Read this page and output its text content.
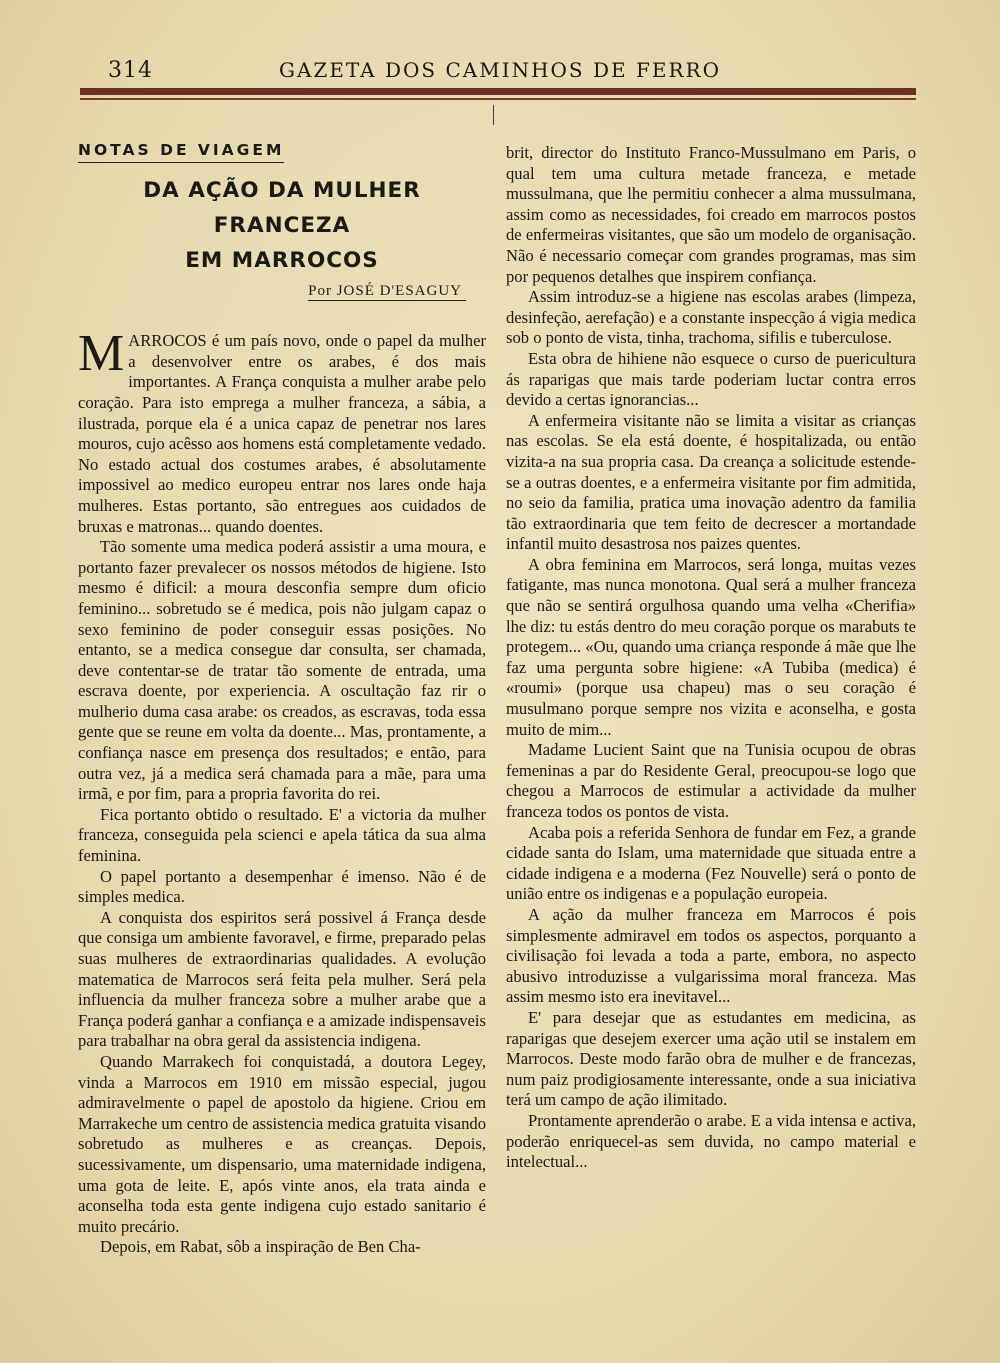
314	GAZETA DOS CAMINHOS DE FERRO
NOTAS DE VIAGEM
DA AÇÃO DA MULHER FRANCEZA
EM MARROCOS
Por JOSÉ D'ESAGUY

MARROCOS é um país novo, onde o papel da mulher a desenvolver entre os arabes, é dos mais importantes. A França conquista a mulher arabe pelo coração. Para isto emprega a mulher franceza, a sábia, a ilustrada, porque ela é a unica capaz de penetrar nos lares mouros, cujo acêsso aos homens está completamente vedado. No estado actual dos costumes arabes, é absolutamente impossivel ao medico europeu entrar nos lares onde haja mulheres. Estas portanto, são entregues aos cuidados de bruxas e matronas... quando doentes.

Tão somente uma medica poderá assistir a uma moura, e portanto fazer prevalecer os nossos métodos de higiene. Isto mesmo é dificil: a moura desconfia sempre dum oficio feminino... sobretudo se é medica, pois não julgam capaz o sexo feminino de poder conseguir essas posições. No entanto, se a medica consegue dar consulta, ser chamada, deve contentar-se de tratar tão somente de entrada, uma escrava doente, por experiencia. A oscultação faz rir o mulherio duma casa arabe: os creados, as escravas, toda essa gente que se reune em volta da doente... Mas, prontamente, a confiança nasce em presença dos resultados; e então, para outra vez, já a medica será chamada para a mãe, para uma irmã, e por fim, para a propria favorita do rei.

Fica portanto obtido o resultado. E' a victoria da mulher franceza, conseguida pela scienci e apela tática da sua alma feminina.

O papel portanto a desempenhar é imenso. Não é de simples medica.

A conquista dos espiritos será possivel á França desde que consiga um ambiente favoravel, e firme, preparado pelas suas mulheres de extraordinarias qualidades. A evolução matematica de Marrocos será feita pela mulher. Será pela influencia da mulher franceza sobre a mulher arabe que a França poderá ganhar a confiança e a amizade indispensaveis para trabalhar na obra geral da assistencia indigena.

Quando Marrakech foi conquistadá, a doutora Legey, vinda a Marrocos em 1910 em missão especial, jugou admiravelmente o papel de apostolo da higiene. Criou em Marrakeche um centro de assistencia medica gratuita visando sobretudo as mulheres e as creanças. Depois, sucessivamente, um dispensario, uma maternidade indigena, uma gota de leite. E, após vinte anos, ela trata ainda e aconselha toda esta gente indigena cujo estado sanitario é muito precário.

Depois, em Rabat, sôb a inspiração de Ben Cha-

brit, director do Instituto Franco-Mussulmano em Paris, o qual tem uma cultura metade franceza, e metade mussulmana, que lhe permitiu conhecer a alma mussulmana, assim como as necessidades, foi creado em marrocos postos de enfermeiras visitantes, que são um modelo de organisação. Não é necessario começar com grandes programas, mas sim por pequenos detalhes que inspirem confiança.

Assim introduz-se a higiene nas escolas arabes (limpeza, desinfeção, aerefação) e a constante inspecção á vigia medica sob o ponto de vista, tinha, trachoma, sifilis e tuberculose.

Esta obra de hihiene não esquece o curso de puericultura ás raparigas que mais tarde poderiam luctar contra erros devido a certas ignorancias...

A enfermeira visitante não se limita a visitar as crianças nas escolas. Se ela está doente, é hospitalizada, ou então vizita-a na sua propria casa. Da creança a solicitude estende-se a outras doentes, e a enfermeira visitante por fim admitida, no seio da familia, pratica uma inovação adentro da familia tão extraordinaria que tem feito de decrescer a mortandade infantil muito desastrosa nos paizes quentes.

A obra feminina em Marrocos, será longa, muitas vezes fatigante, mas nunca monotona. Qual será a mulher franceza que não se sentirá orgulhosa quando uma velha «Cherifia» lhe diz: tu estás dentro do meu coração porque os marabuts te protegem... «Ou, quando uma criança responde á mãe que lhe faz uma pergunta sobre higiene: «A Tubiba (medica) é «roumi» (porque usa chapeu) mas o seu coração é musulmano porque sempre nos vizita e aconselha, e gosta muito de mim...

Madame Lucient Saint que na Tunisia ocupou de obras femeninas a par do Residente Geral, preocupou-se logo que chegou a Marrocos de estimular a actividade da mulher franceza todos os pontos de vista.

Acaba pois a referida Senhora de fundar em Fez, a grande cidade santa do Islam, uma maternidade que situada entre a cidade indigena e a moderna (Fez Nouvelle) será o ponto de união entre os indigenas e a população europeia.

A ação da mulher franceza em Marrocos é pois simplesmente admiravel em todos os aspectos, porquanto a civilisação foi levada a toda a parte, embora, no aspecto abusivo introduzisse a vulgarissima moral franceza. Mas assim mesmo isto era inevitavel...

E' para desejar que as estudantes em medicina, as raparigas que desejem exercer uma ação util se instalem em Marrocos. Deste modo farão obra de mulher e de francezas, num paiz prodigiosamente interessante, onde a sua iniciativa terá um campo de ação ilimitado.

Prontamente aprenderão o arabe. E a vida intensa e activa, poderão enriquecel-as sem duvida, no campo material e intelectual...
